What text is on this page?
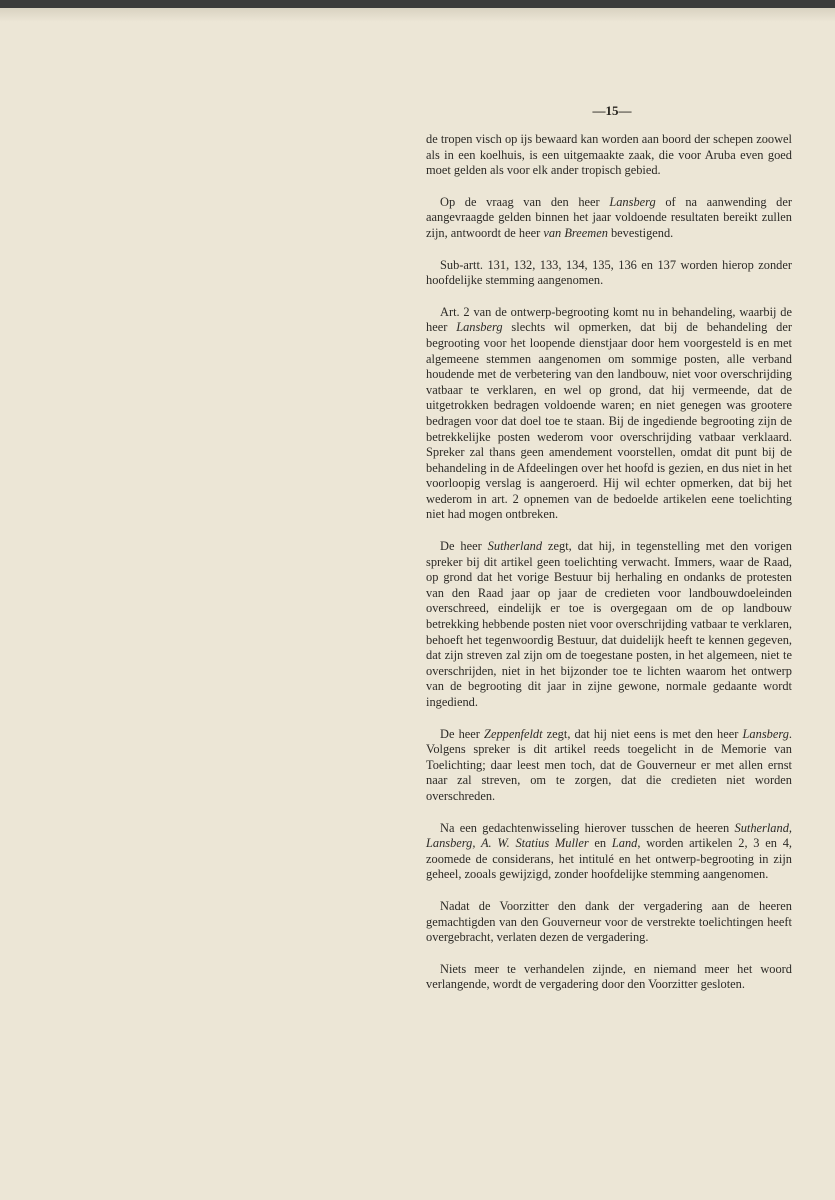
—15—

de tropen visch op ijs bewaard kan worden aan boord der schepen zoowel als in een koelhuis, is een uitgemaakte zaak, die voor Aruba even goed moet gelden als voor elk ander tropisch gebied.

Op de vraag van den heer Lansberg of na aanwending der aangevraagde gelden binnen het jaar voldoende resultaten bereikt zullen zijn, antwoordt de heer van Breemen bevestigend.

Sub-artt. 131, 132, 133, 134, 135, 136 en 137 worden hierop zonder hoofdelijke stemming aangenomen.

Art. 2 van de ontwerp-begrooting komt nu in behandeling, waarbij de heer Lansberg slechts wil opmerken, dat bij de behandeling der begrooting voor het loopende dienstjaar door hem voorgesteld is en met algemeene stemmen aangenomen om sommige posten, alle verband houdende met de verbetering van den landbouw, niet voor overschrijding vatbaar te verklaren, en wel op grond, dat hij vermeende, dat de uitgetrokken bedragen voldoende waren; en niet genegen was grootere bedragen voor dat doel toe te staan. Bij de ingediende begrooting zijn de betrekkelijke posten wederom voor overschrijding vatbaar verklaard. Spreker zal thans geen amendement voorstellen, omdat dit punt bij de behandeling in de Afdeelingen over het hoofd is gezien, en dus niet in het voorloopig verslag is aangeroerd. Hij wil echter opmerken, dat bij het wederom in art. 2 opnemen van de bedoelde artikelen eene toelichting niet had mogen ontbreken.

De heer Sutherland zegt, dat hij, in tegenstelling met den vorigen spreker bij dit artikel geen toelichting verwacht. Immers, waar de Raad, op grond dat het vorige Bestuur bij herhaling en ondanks de protesten van den Raad jaar op jaar de credieten voor landbouwdoeleinden overschreed, eindelijk er toe is overgegaan om de op landbouw betrekking hebbende posten niet voor overschrijding vatbaar te verklaren, behoeft het tegenwoordig Bestuur, dat duidelijk heeft te kennen gegeven, dat zijn streven zal zijn om de toegestane posten, in het algemeen, niet te overschrijden, niet in het bijzonder toe te lichten waarom het ontwerp van de begrooting dit jaar in zijne gewone, normale gedaante wordt ingediend.

De heer Zeppenfeldt zegt, dat hij niet eens is met den heer Lansberg. Volgens spreker is dit artikel reeds toegelicht in de Memorie van Toelichting; daar leest men toch, dat de Gouverneur er met allen ernst naar zal streven, om te zorgen, dat die credieten niet worden overschreden.

Na een gedachtenwisseling hierover tusschen de heeren Sutherland, Lansberg, A. W. Statius Muller en Land, worden artikelen 2, 3 en 4, zoomede de considerans, het intitulé en het ontwerp-begrooting in zijn geheel, zooals gewijzigd, zonder hoofdelijke stemming aangenomen.

Nadat de Voorzitter den dank der vergadering aan de heeren gemachtigden van den Gouverneur voor de verstrekte toelichtingen heeft overgebracht, verlaten dezen de vergadering.

Niets meer te verhandelen zijnde, en niemand meer het woord verlangende, wordt de vergadering door den Voorzitter gesloten.
